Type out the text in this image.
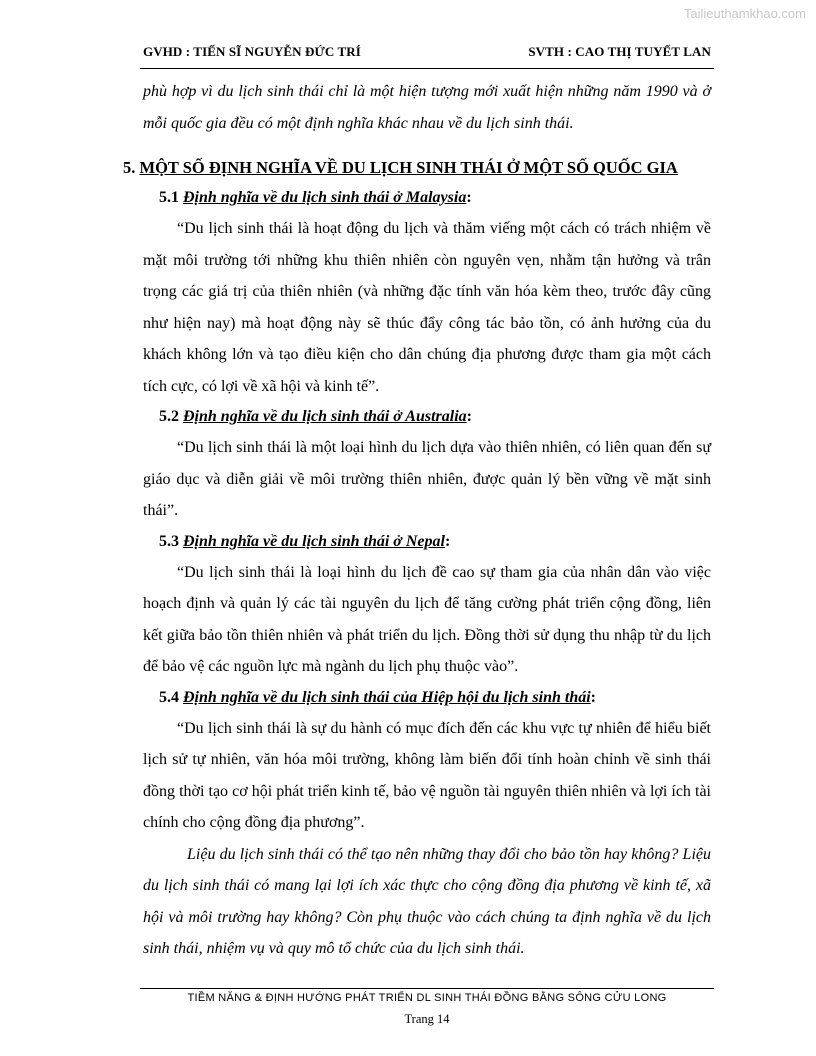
Tailieuthamkhao.com
GVHD : TIẾN SĨ NGUYỄN ĐỨC TRÍ	SVTH : CAO THỊ TUYẾT LAN

phù hợp vì du lịch sinh thái chỉ là một hiện tượng mới xuất hiện những năm 1990 và ở mỗi quốc gia đều có một định nghĩa khác nhau về du lịch sinh thái.

5. MỘT SỐ ĐỊNH NGHĨA VỀ DU LỊCH SINH THÁI Ở MỘT SỐ QUỐC GIA
5.1 Định nghĩa về du lịch sinh thái ở Malaysia:

“Du lịch sinh thái là hoạt động du lịch và thăm viếng một cách có trách nhiệm về mặt môi trường tới những khu thiên nhiên còn nguyên vẹn, nhằm tận hưởng và trân trọng các giá trị của thiên nhiên (và những đặc tính văn hóa kèm theo, trước đây cũng như hiện nay) mà hoạt động này sẽ thúc đẩy công tác bảo tồn, có ảnh hưởng của du khách không lớn và tạo điều kiện cho dân chúng địa phương được tham gia một cách tích cực, có lợi về xã hội và kinh tế”.

5.2 Định nghĩa về du lịch sinh thái ở Australia:

“Du lịch sinh thái là một loại hình du lịch dựa vào thiên nhiên, có liên quan đến sự giáo dục và diễn giải về môi trường thiên nhiên, được quản lý bền vững về mặt sinh thái”.

5.3 Định nghĩa về du lịch sinh thái ở Nepal:

“Du lịch sinh thái là loại hình du lịch đề cao sự tham gia của nhân dân vào việc hoạch định và quản lý các tài nguyên du lịch để tăng cường phát triển cộng đồng, liên kết giữa bảo tồn thiên nhiên và phát triển du lịch. Đồng thời sử dụng thu nhập từ du lịch để bảo vệ các nguồn lực mà ngành du lịch phụ thuộc vào”.

5.4 Định nghĩa về du lịch sinh thái của Hiệp hội du lịch sinh thái:

“Du lịch sinh thái là sự du hành có mục đích đến các khu vực tự nhiên để hiểu biết lịch sử tự nhiên, văn hóa môi trường, không làm biến đổi tính hoàn chỉnh về sinh thái đồng thời tạo cơ hội phát triển kinh tế, bảo vệ nguồn tài nguyên thiên nhiên và lợi ích tài chính cho cộng đồng địa phương”.

Liệu du lịch sinh thái có thể tạo nên những thay đổi cho bảo tồn hay không? Liệu du lịch sinh thái có mang lại lợi ích xác thực cho cộng đồng địa phương về kinh tế, xã hội và môi trường hay không? Còn phụ thuộc vào cách chúng ta định nghĩa về du lịch sinh thái, nhiệm vụ và quy mô tổ chức của du lịch sinh thái.

TIỀM NĂNG & ĐỊNH HƯỚNG PHÁT TRIỂN DL SINH THÁI ĐỒNG BẰNG SÔNG CỬU LONG
Trang 14
